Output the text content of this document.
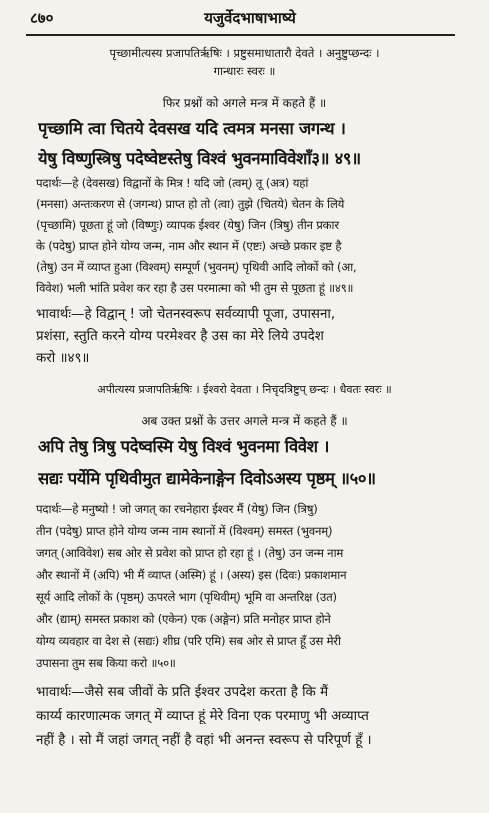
८७०	यजुर्वेदभाषाभाष्ये
पृच्छामीत्यस्य प्रजापतिर्ऋषिः । प्रष्टुसमाधातारौ देवते । अनुष्टुप्छन्दः ।
गान्धारः स्वरः ॥
फिर प्रश्नों को अगले मन्त्र में कहते हैं ॥
पृच्छामि त्वा चितये देवसख यदि त्वमत्र मनसा जगन्थ ।
येषु विष्णुस्त्रिषु पदेष्वेष्टस्तेषु विश्वं भुवनमाविवेशाँ३॥ ४९॥
पदार्थः—हे (देवसख) विद्वानों के मित्र ! यदि जो (त्वम्) तू (अत्र) यहां
(मनसा) अन्तःकरण से (जगन्थ) प्राप्त हो तो (त्वा) तुझे (चितये) चेतन के लिये
(पृच्छामि) पूछता हूं जो (विष्णुः) व्यापक ईश्वर (येषु) जिन (त्रिषु) तीन प्रकार
के (पदेषु) प्राप्त होने योग्य जन्म, नाम और स्थान में (एष्टः) अच्छे प्रकार इष्ट है
(तेषु) उन में व्याप्त हुआ (विश्वम्) सम्पूर्ण (भुवनम्) पृथिवी आदि लोकों को (आ,
विवेश) भली भांति प्रवेश कर रहा है उस परमात्मा को भी तुम से पूछता हूं ॥४९॥
भावार्थः—हे विद्वान् ! जो चेतनस्वरूप सर्वव्यापी पूजा, उपासना,
प्रशंसा, स्तुति करने योग्य परमेश्वर है उस का मेरे लिये उपदेश
करो ॥४९॥
अपीत्यस्य प्रजापतिर्ऋषिः । ईश्वरो देवता । निचृदत्रिष्टुप् छन्दः । धैवतः स्वरः ॥
अब उक्त प्रश्नों के उत्तर अगले मन्त्र में कहते हैं ॥
अपि तेषु त्रिषु पदेष्वस्मि येषु विश्वं भुवनमा विवेश ।
सद्यः पर्येमि पृथिवीमुत द्यामेकेनाङ्गेन दिवोऽअस्य पृष्ठम् ॥५०॥
पदार्थः—हे मनुष्यो ! जो जगत् का रचनेहारा ईश्वर मैं (येषु) जिन (त्रिषु)
तीन (पदेषु) प्राप्त होने योग्य जन्म नाम स्थानों में (विश्वम्) समस्त (भुवनम्)
जगत् (आविवेश) सब ओर से प्रवेश को प्राप्त हो रहा हूं । (तेषु) उन जन्म नाम
और स्थानों में (अपि) भी मैं व्याप्त (अस्मि) हूं । (अस्य) इस (दिवः) प्रकाशमान
सूर्य आदि लोकों के (पृष्ठम्) ऊपरले भाग (पृथिवीम्) भूमि वा अन्तरिक्ष (उत)
और (द्याम्) समस्त प्रकाश को (एकेन) एक (अङ्गेन) प्रति मनोहर प्राप्त होने
योग्य व्यवहार वा देश से (सद्यः) शीघ्र (परि एमि) सब ओर से प्राप्त हूँ उस मेरी
उपासना तुम सब किया करो ॥५०॥
भावार्थः—जैसे सब जीवों के प्रति ईश्वर उपदेश करता है कि मैं
कार्य्य कारणात्मक जगत् में व्याप्त हूं मेरे विना एक परमाणु भी अव्याप्त
नहीं है । सो मैं जहां जगत् नहीं है वहां भी अनन्त स्वरूप से परिपूर्ण हूँ ।
